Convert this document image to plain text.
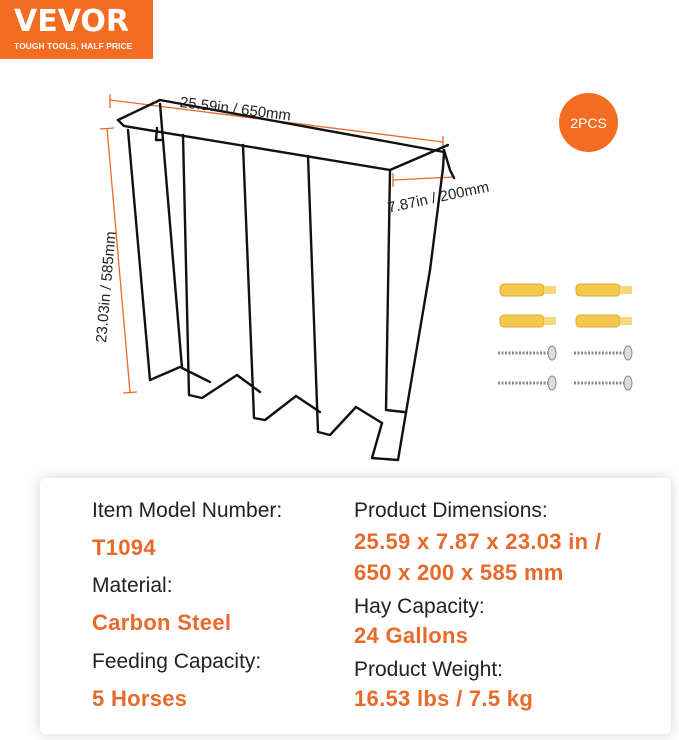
VEVOR
TOUGH TOOLS, HALF PRICE
2PCS
25.59in / 650mm
7.87in / 200mm
23.03in / 585mm
Item Model Number:
T1094
Material:
Carbon Steel
Feeding Capacity:
5 Horses
Product Dimensions:
25.59 x 7.87 x 23.03 in /
650 x 200 x 585 mm
Hay Capacity:
24 Gallons
Product Weight:
16.53 lbs / 7.5 kg
